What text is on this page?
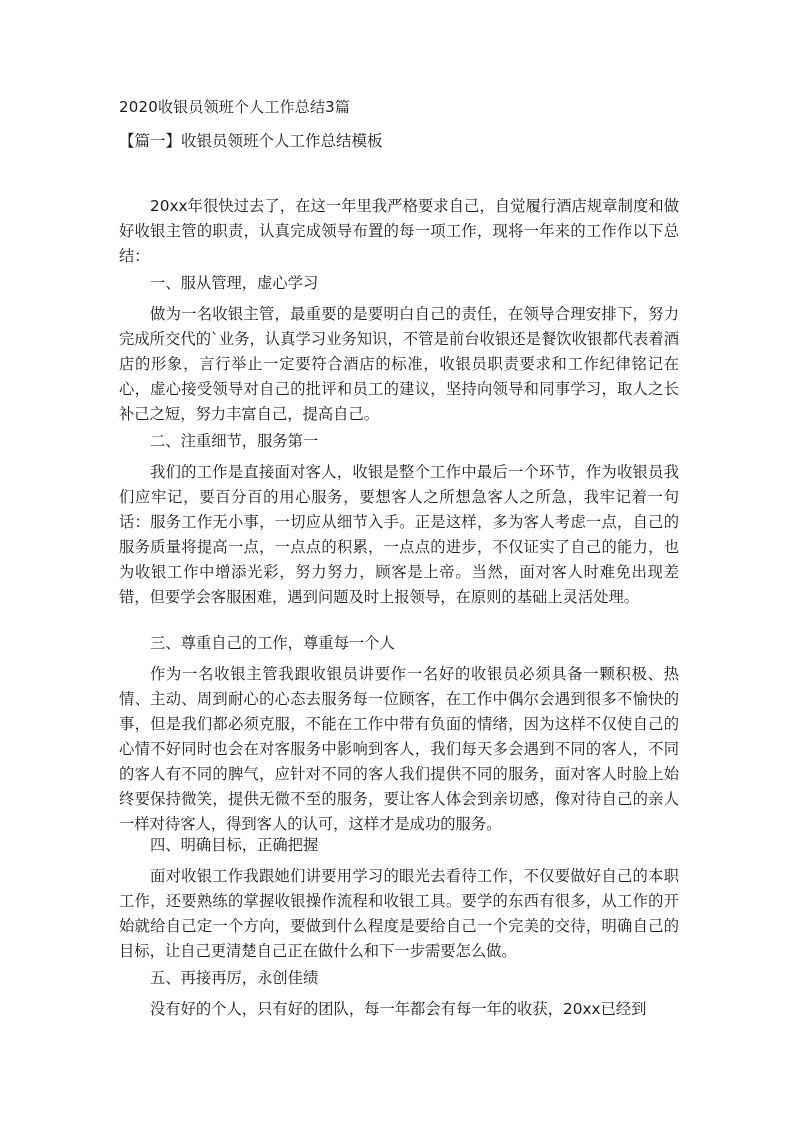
2020收银员领班个人工作总结3篇
【篇一】收银员领班个人工作总结模板

20xx年很快过去了，在这一年里我严格要求自己，自觉履行酒店规章制度和做好收银主管的职责，认真完成领导布置的每一项工作，现将一年来的工作作以下总结：

一、服从管理，虚心学习

做为一名收银主管，最重要的是要明白自己的责任，在领导合理安排下，努力完成所交代的`业务，认真学习业务知识，不管是前台收银还是餐饮收银都代表着酒店的形象，言行举止一定要符合酒店的标准，收银员职责要求和工作纪律铭记在心，虚心接受领导对自己的批评和员工的建议，坚持向领导和同事学习，取人之长补己之短，努力丰富自己，提高自己。

二、注重细节，服务第一

我们的工作是直接面对客人，收银是整个工作中最后一个环节，作为收银员我们应牢记，要百分百的用心服务，要想客人之所想急客人之所急，我牢记着一句话：服务工作无小事，一切应从细节入手。正是这样，多为客人考虑一点，自己的服务质量将提高一点，一点点的积累，一点点的进步，不仅证实了自己的能力，也为收银工作中增添光彩，努力努力，顾客是上帝。当然，面对客人时难免出现差错，但要学会客服困难，遇到问题及时上报领导，在原则的基础上灵活处理。

三、尊重自己的工作，尊重每一个人

作为一名收银主管我跟收银员讲要作一名好的收银员必须具备一颗积极、热情、主动、周到耐心的心态去服务每一位顾客，在工作中偶尔会遇到很多不愉快的事，但是我们都必须克服，不能在工作中带有负面的情绪，因为这样不仅使自己的心情不好同时也会在对客服务中影响到客人，我们每天多会遇到不同的客人，不同的客人有不同的脾气，应针对不同的客人我们提供不同的服务，面对客人时脸上始终要保持微笑，提供无微不至的服务，要让客人体会到亲切感，像对待自己的亲人一样对待客人，得到客人的认可，这样才是成功的服务。

四、明确目标，正确把握

面对收银工作我跟她们讲要用学习的眼光去看待工作，不仅要做好自己的本职工作，还要熟练的掌握收银操作流程和收银工具。要学的东西有很多，从工作的开始就给自己定一个方向，要做到什么程度是要给自己一个完美的交待，明确自己的目标，让自己更清楚自己正在做什么和下一步需要怎么做。

五、再接再厉，永创佳绩

没有好的个人，只有好的团队，每一年都会有每一年的收获，20xx已经到
